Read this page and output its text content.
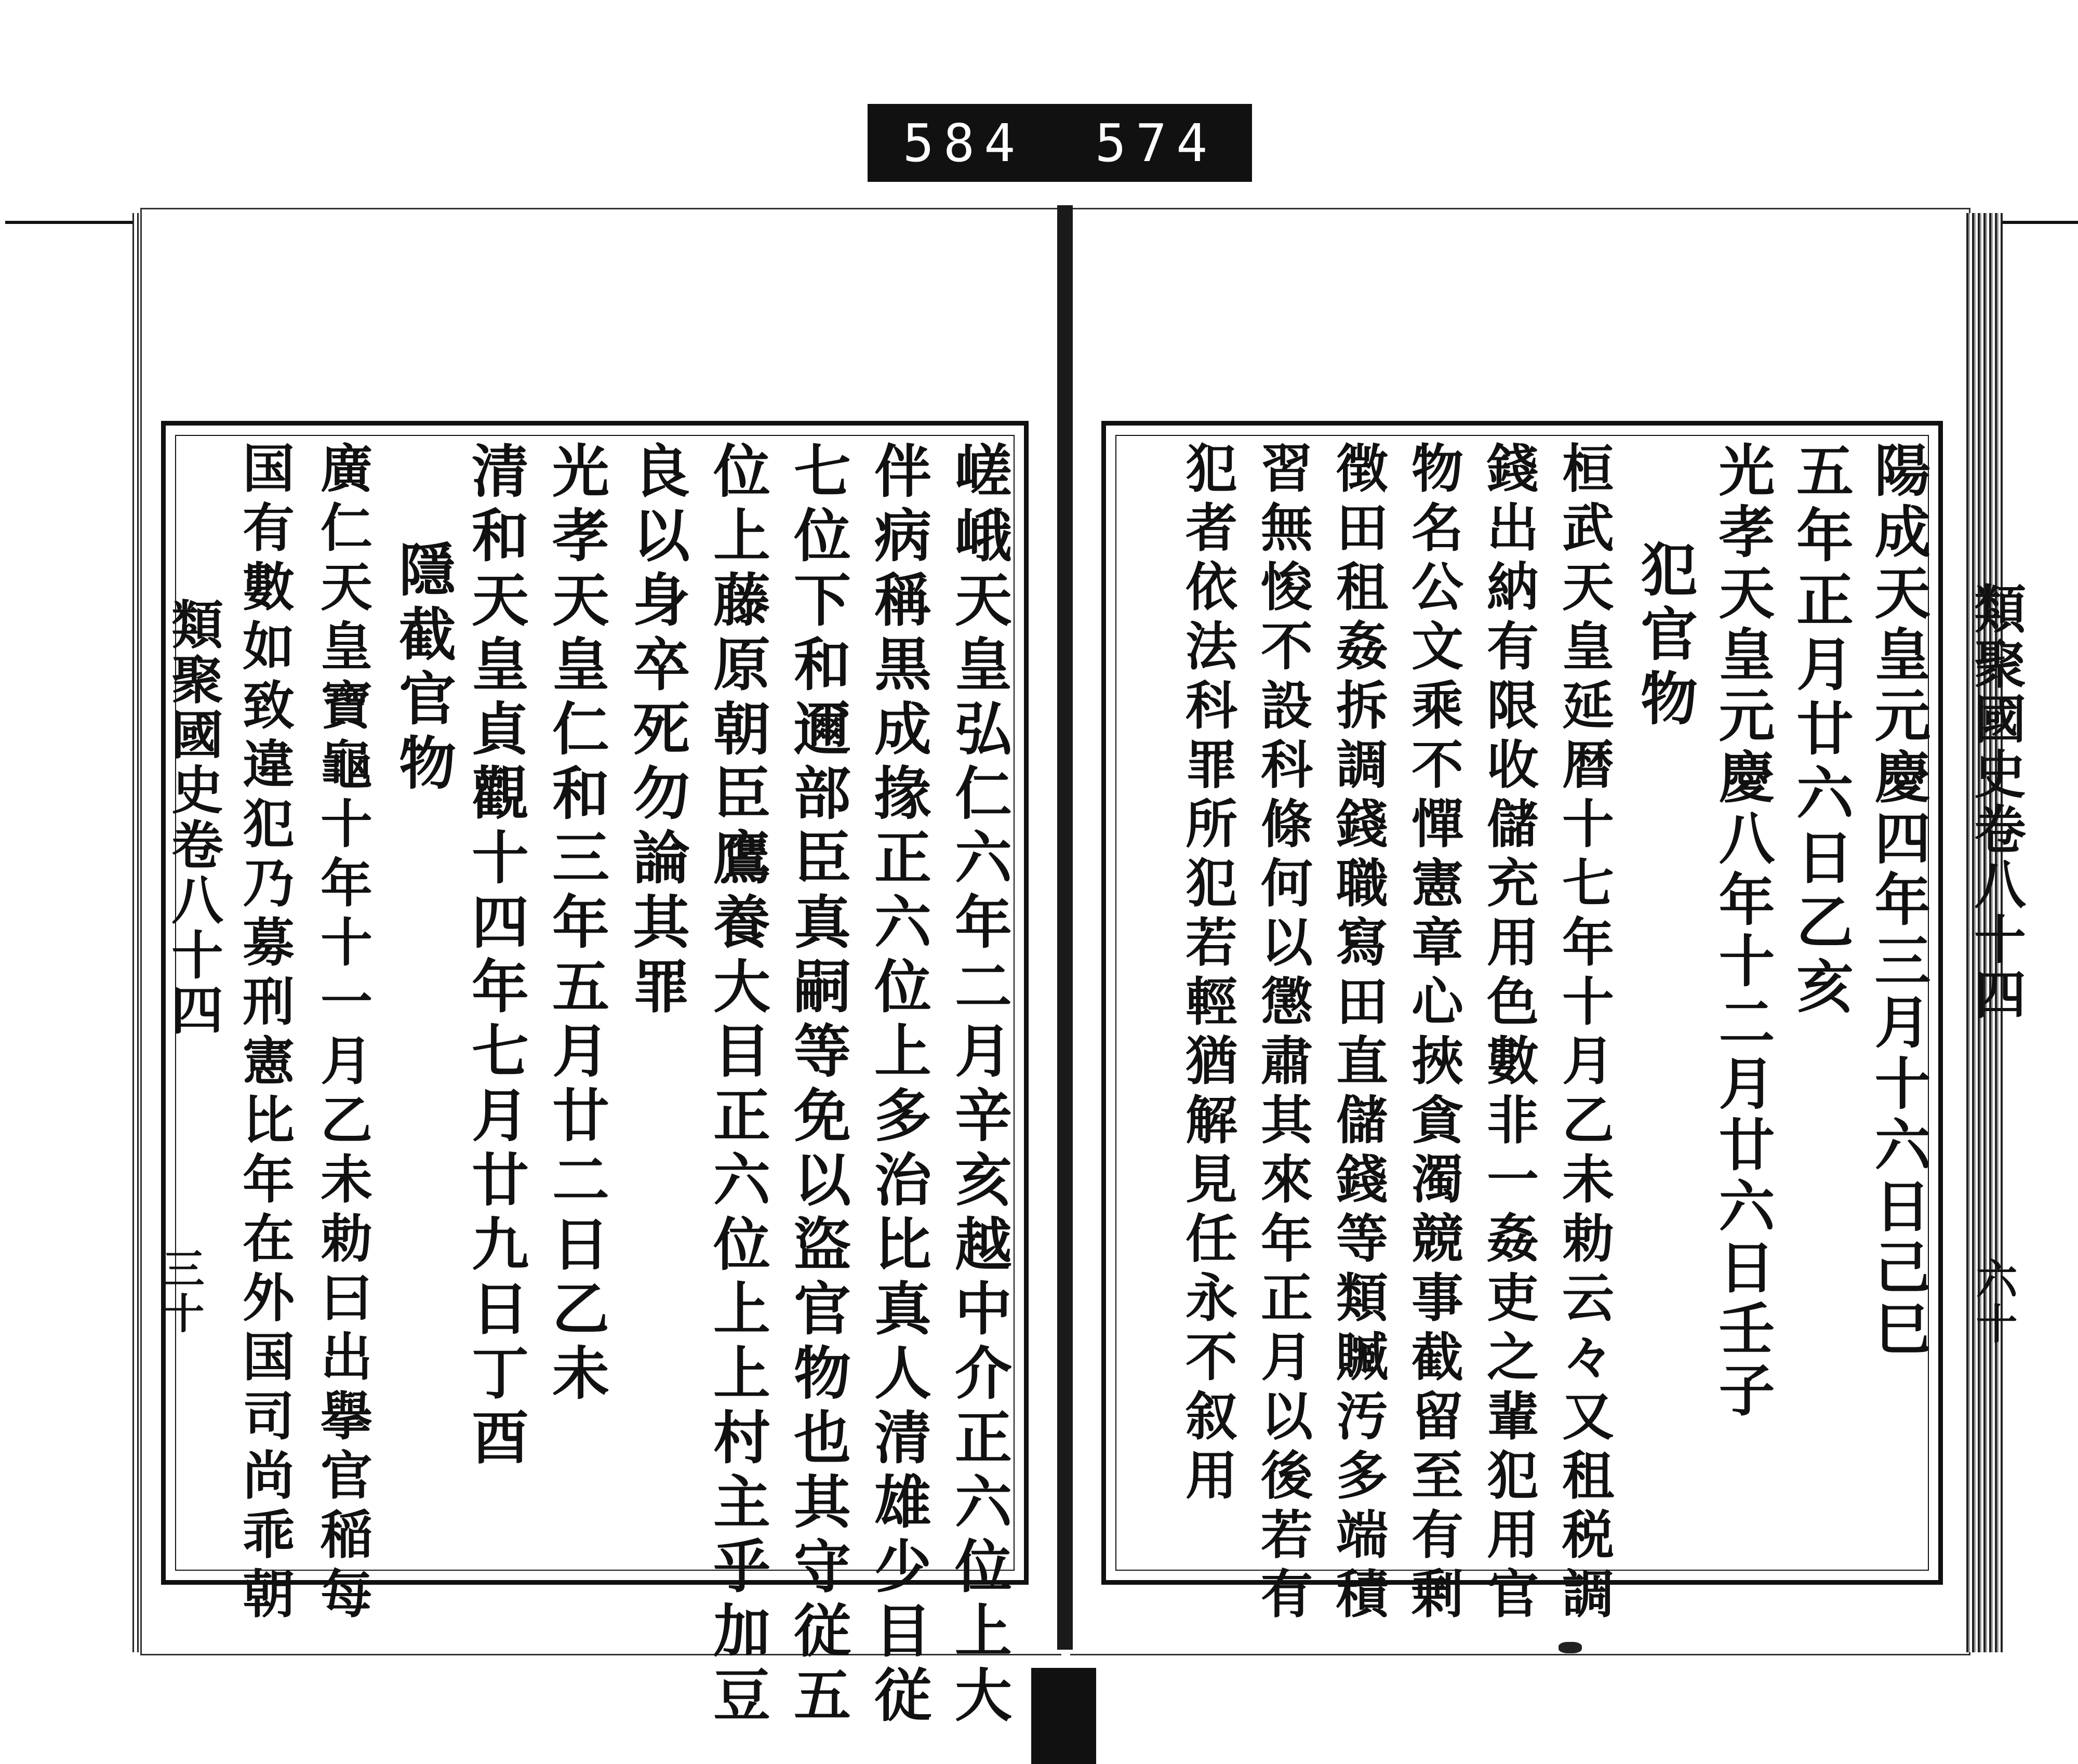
584 574
類聚國史卷八十四
三十
類聚國史卷八十四
六十
嵯峨天皇弘仁六年二月辛亥越中介正六位上大
伴病稱黒成掾正六位上多治比真人清雄少目従
七位下和邇部臣真嗣等免以盜官物也其守従五
位上藤原朝臣鷹養大目正六位上上村主乎加豆
良以身卒死勿論其罪
光孝天皇仁和三年五月廿二日乙未
清和天皇貞觀十四年七月廿九日丁酉
隱截官物
廣仁天皇寶龜十年十一月乙未勅曰出擧官稲每
国有數如致違犯乃募刑憲比年在外国司尚乖朝	陽成天皇元慶四年三月十六日己巳
五年正月廿六日乙亥
光孝天皇元慶八年十二月廿六日壬子
犯官物
桓武天皇延暦十七年十月乙未勅云々又租税調
錢出納有限收儲充用色數非一姦吏之輩犯用官
物名公文乘不憚憲章心挾貪濁競事截留至有剰
徴田租姦拆調錢職寫田直儲錢等類贓汚多端積
習無悛不設科條何以懲肅其來年正月以後若有
犯者依法科罪所犯若輕猶解見任永不叙用
